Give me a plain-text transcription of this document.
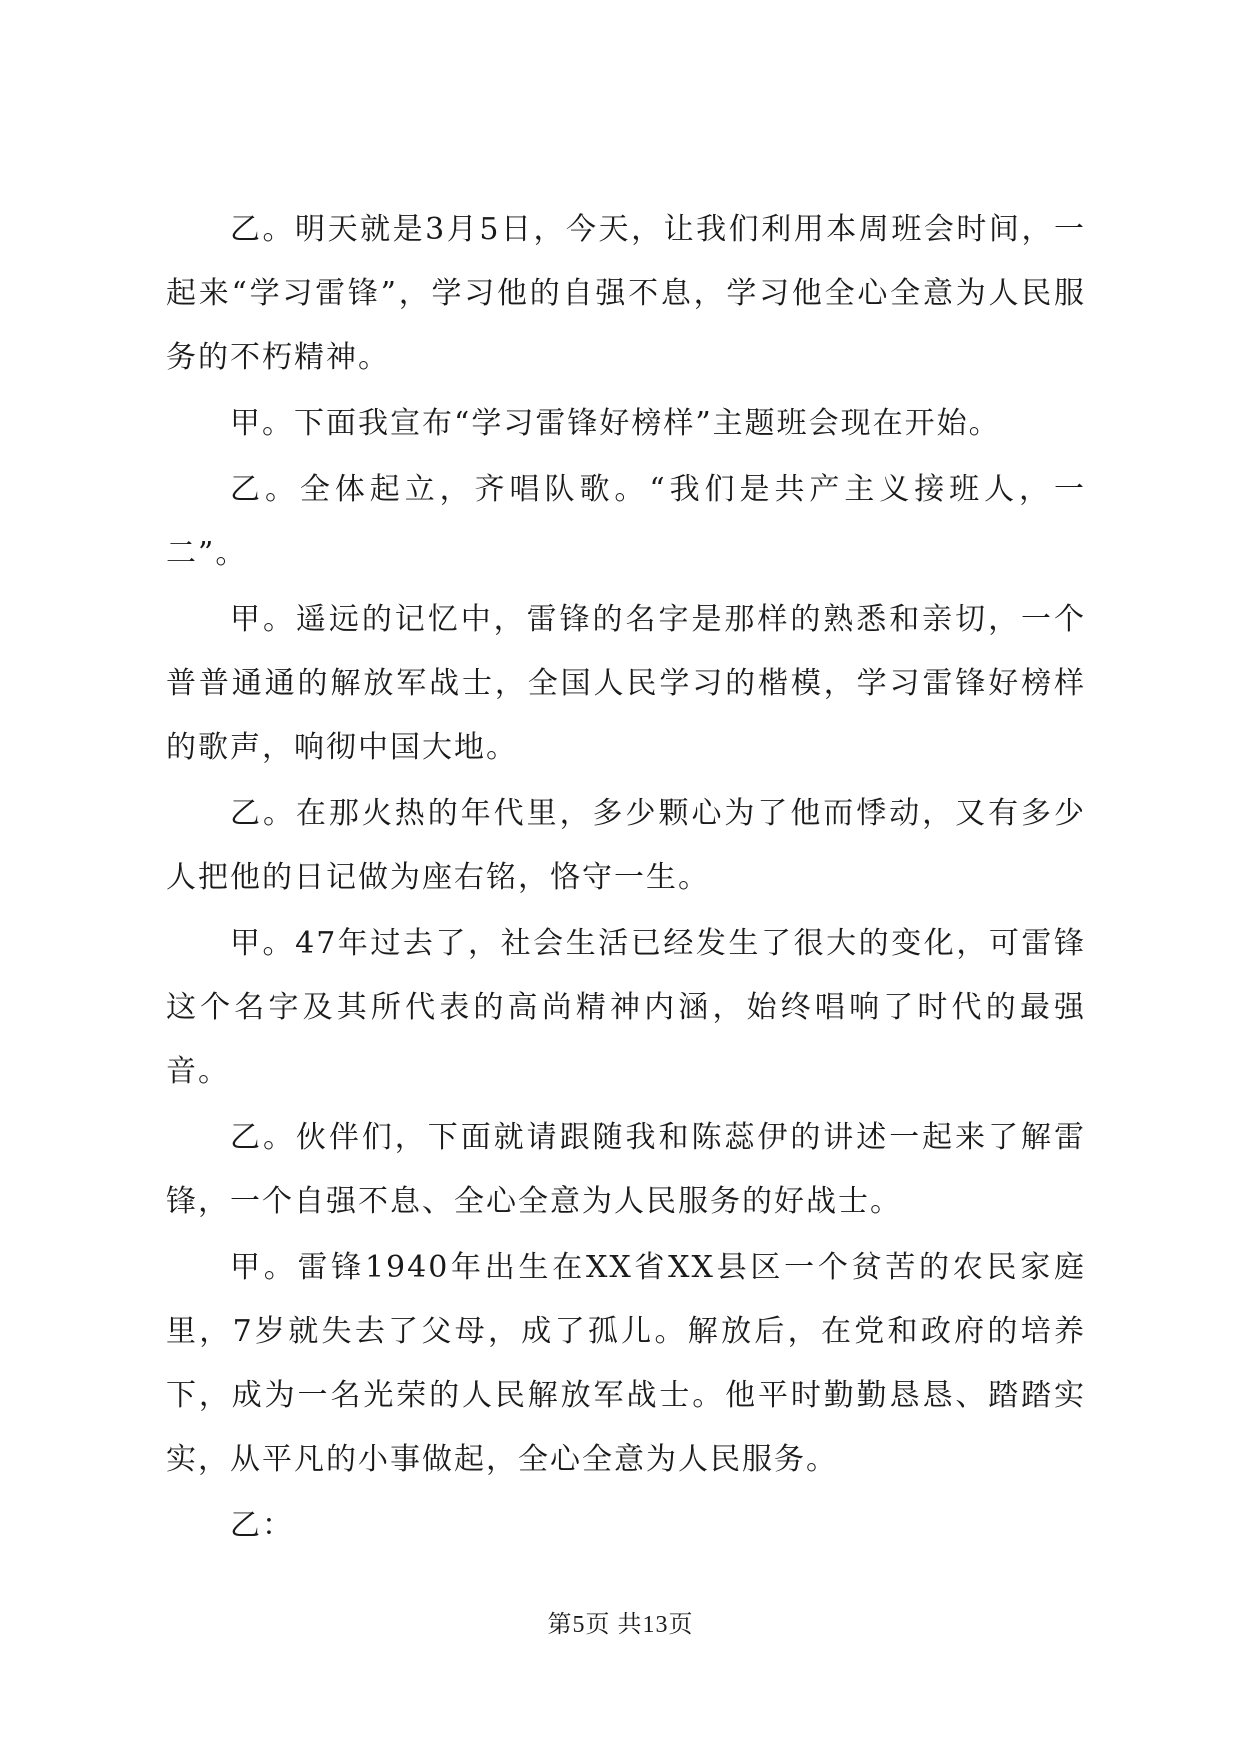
乙。明天就是3月5日，今天，让我们利用本周班会时间，一起来“学习雷锋”，学习他的自强不息，学习他全心全意为人民服务的不朽精神。

甲。下面我宣布“学习雷锋好榜样”主题班会现在开始。

乙。全体起立，齐唱队歌。“我们是共产主义接班人，一二”。

甲。遥远的记忆中，雷锋的名字是那样的熟悉和亲切，一个普普通通的解放军战士，全国人民学习的楷模，学习雷锋好榜样的歌声，响彻中国大地。

乙。在那火热的年代里，多少颗心为了他而悸动，又有多少人把他的日记做为座右铭，恪守一生。

甲。47年过去了，社会生活已经发生了很大的变化，可雷锋这个名字及其所代表的高尚精神内涵，始终唱响了时代的最强音。

乙。伙伴们，下面就请跟随我和陈蕊伊的讲述一起来了解雷锋，一个自强不息、全心全意为人民服务的好战士。

甲。雷锋1940年出生在XX省XX县区一个贫苦的农民家庭里，7岁就失去了父母，成了孤儿。解放后，在党和政府的培养下，成为一名光荣的人民解放军战士。他平时勤勤恳恳、踏踏实实，从平凡的小事做起，全心全意为人民服务。

乙：

第5页 共13页
